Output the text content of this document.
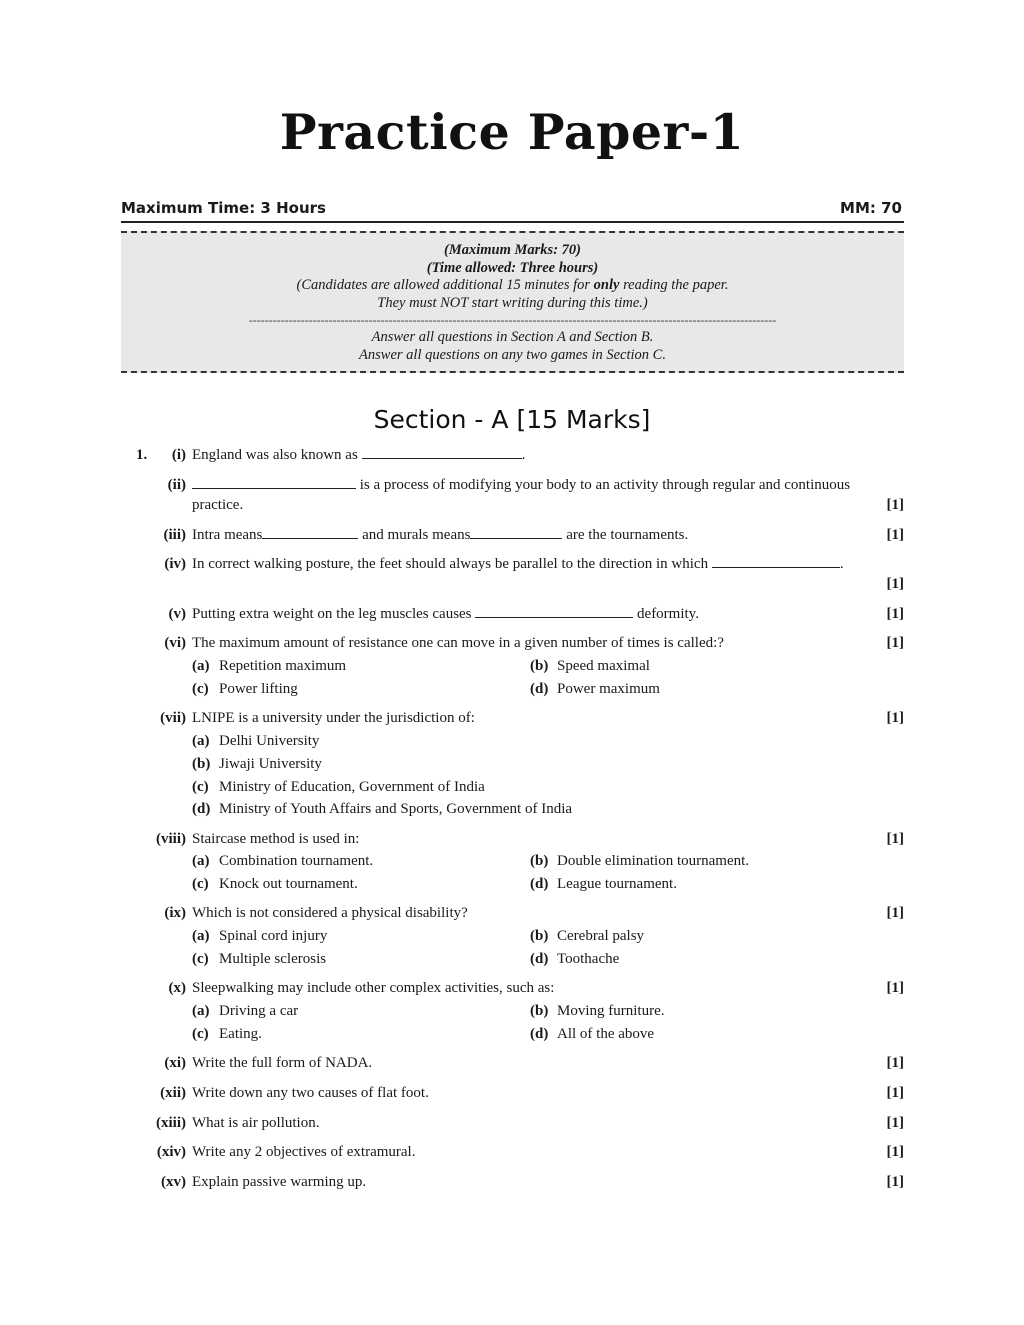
Practice Paper-1
Maximum Time: 3 Hours	MM: 70
(Maximum Marks: 70)
(Time allowed: Three hours)
(Candidates are allowed additional 15 minutes for only reading the paper.
They must NOT start writing during this time.)
------------------------------------------------------------------------------------------------------------------------------------
Answer all questions in Section A and Section B.
Answer all questions on any two games in Section C.
Section - A [15 Marks]
1.	(i) England was also known as	.
(ii)	is a process of modifying your body to an activity through regular and continuous
practice.	[1]
(iii) Intra means	and murals means	are the tournaments.	[1]
(iv) In correct walking posture, the feet should always be parallel to the direction in which	.
[1]
(v) Putting extra weight on the leg muscles causes	deformity.	[1]
(vi) The maximum amount of resistance one can move in a given number of times is called:?	[1]
(a) Repetition maximum	(b) Speed maximal
(c) Power lifting	(d) Power maximum
(vii) LNIPE is a university under the jurisdiction of:	[1]
(a) Delhi University
(b) Jiwaji University
(c) Ministry of Education, Government of India
(d) Ministry of Youth Affairs and Sports, Government of India
(viii) Staircase method is used in:	[1]
(a) Combination tournament.	(b) Double elimination tournament.
(c) Knock out tournament.	(d) League tournament.
(ix) Which is not considered a physical disability?	[1]
(a) Spinal cord injury	(b) Cerebral palsy
(c) Multiple sclerosis	(d) Toothache
(x) Sleepwalking may include other complex activities, such as:	[1]
(a) Driving a car	(b) Moving furniture.
(c) Eating.	(d) All of the above
(xi) Write the full form of NADA.	[1]
(xii) Write down any two causes of flat foot.	[1]
(xiii) What is air pollution.	[1]
(xiv) Write any 2 objectives of extramural.	[1]
(xv) Explain passive warming up.	[1]
